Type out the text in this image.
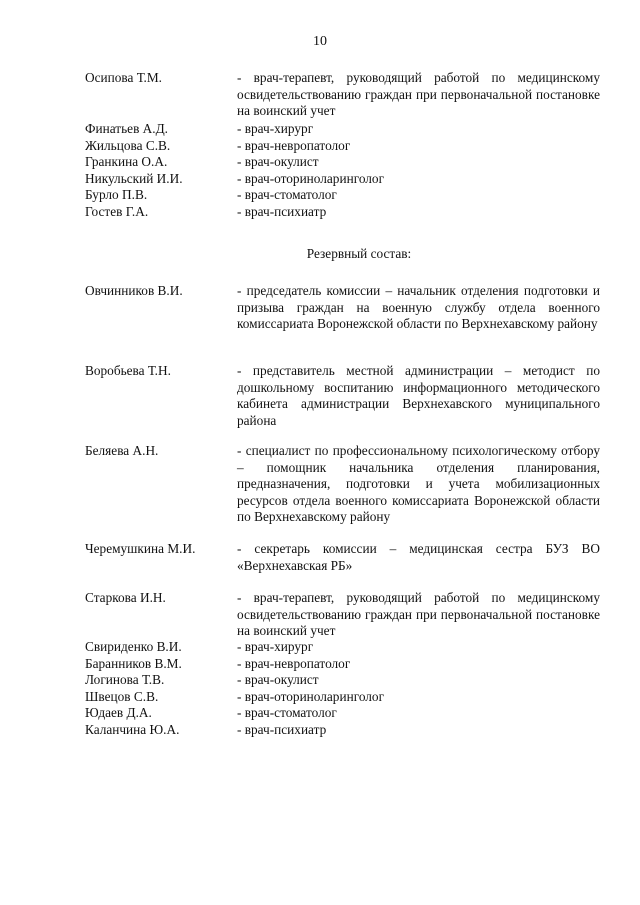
10
Осипова Т.М.	- врач-терапевт, руководящий работой по медицинскому освидетельствованию граждан при первоначальной постановке на воинский учет
Финатьев А.Д.	- врач-хирург
Жильцова С.В.	- врач-невропатолог
Гранкина О.А.	- врач-окулист
Никульский И.И.	- врач-оториноларинголог
Бурло П.В.	- врач-стоматолог
Гостев Г.А.	- врач-психиатр
Резервный состав:
Овчинников В.И.	- председатель комиссии – начальник отделения подготовки и призыва граждан на военную службу отдела военного комиссариата Воронежской области по Верхнехавскому району
Воробьева Т.Н.	- представитель местной администрации – методист по дошкольному воспитанию информационного методического кабинета администрации Верхнехавского муниципального района
Беляева А.Н.	- специалист по профессиональному психологическому отбору – помощник начальника отделения планирования, предназначения, подготовки и учета мобилизационных ресурсов отдела военного комиссариата Воронежской области по Верхнехавскому району
Черемушкина М.И.	- секретарь комиссии – медицинская сестра БУЗ ВО «Верхнехавская РБ»
Старкова И.Н.	- врач-терапевт, руководящий работой по медицинскому освидетельствованию граждан при первоначальной постановке на воинский учет
Свириденко В.И.	- врач-хирург
Баранников В.М.	- врач-невропатолог
Логинова Т.В.	- врач-окулист
Швецов С.В.	- врач-оториноларинголог
Юдаев Д.А.	- врач-стоматолог
Каланчина Ю.А.	- врач-психиатр
